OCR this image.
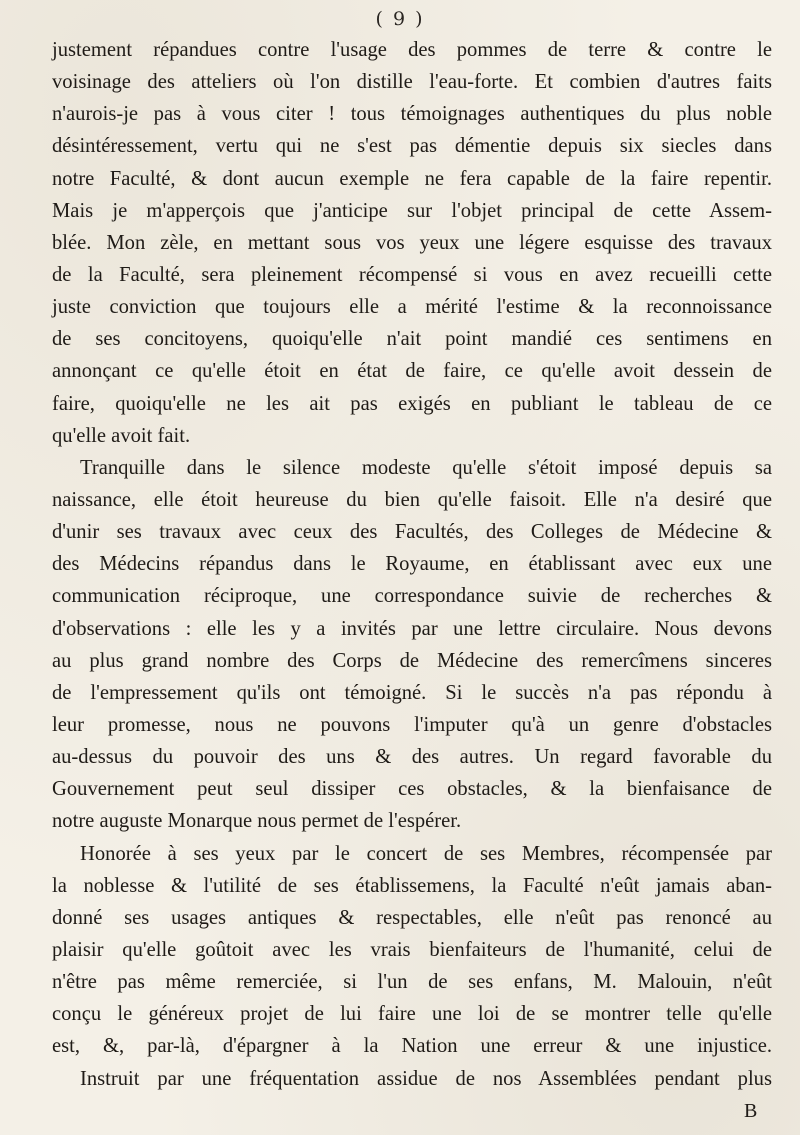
( 9 )
justement répandues contre l'usage des pommes de terre & contre le
voisinage des atteliers où l'on distille l'eau-forte. Et combien d'autres faits
n'aurois-je pas à vous citer ! tous témoignages authentiques du plus noble
désintéressement, vertu qui ne s'est pas démentie depuis six siecles dans
notre Faculté, & dont aucun exemple ne fera capable de la faire repentir.
Mais je m'apperçois que j'anticipe sur l'objet principal de cette Assem-
blée. Mon zèle, en mettant sous vos yeux une légere esquisse des travaux
de la Faculté, sera pleinement récompensé si vous en avez recueilli cette
juste conviction que toujours elle a mérité l'estime & la reconnoissance
de ses concitoyens, quoiqu'elle n'ait point mandié ces sentimens en
annonçant ce qu'elle étoit en état de faire, ce qu'elle avoit dessein de
faire, quoiqu'elle ne les ait pas exigés en publiant le tableau de ce
qu'elle avoit fait.
Tranquille dans le silence modeste qu'elle s'étoit imposé depuis sa
naissance, elle étoit heureuse du bien qu'elle faisoit. Elle n'a desiré que
d'unir ses travaux avec ceux des Facultés, des Colleges de Médecine &
des Médecins répandus dans le Royaume, en établissant avec eux une
communication réciproque, une correspondance suivie de recherches &
d'observations : elle les y a invités par une lettre circulaire. Nous devons
au plus grand nombre des Corps de Médecine des remercîmens sinceres
de l'empressement qu'ils ont témoigné. Si le succès n'a pas répondu à
leur promesse, nous ne pouvons l'imputer qu'à un genre d'obstacles
au-dessus du pouvoir des uns & des autres. Un regard favorable du
Gouvernement peut seul dissiper ces obstacles, & la bienfaisance de
notre auguste Monarque nous permet de l'espérer.
Honorée à ses yeux par le concert de ses Membres, récompensée par
la noblesse & l'utilité de ses établissemens, la Faculté n'eût jamais aban-
donné ses usages antiques & respectables, elle n'eût pas renoncé au
plaisir qu'elle goûtoit avec les vrais bienfaiteurs de l'humanité, celui de
n'être pas même remerciée, si l'un de ses enfans, M. Malouin, n'eût
conçu le généreux projet de lui faire une loi de se montrer telle qu'elle
est, &, par-là, d'épargner à la Nation une erreur & une injustice.
Instruit par une fréquentation assidue de nos Assemblées pendant plus
B
